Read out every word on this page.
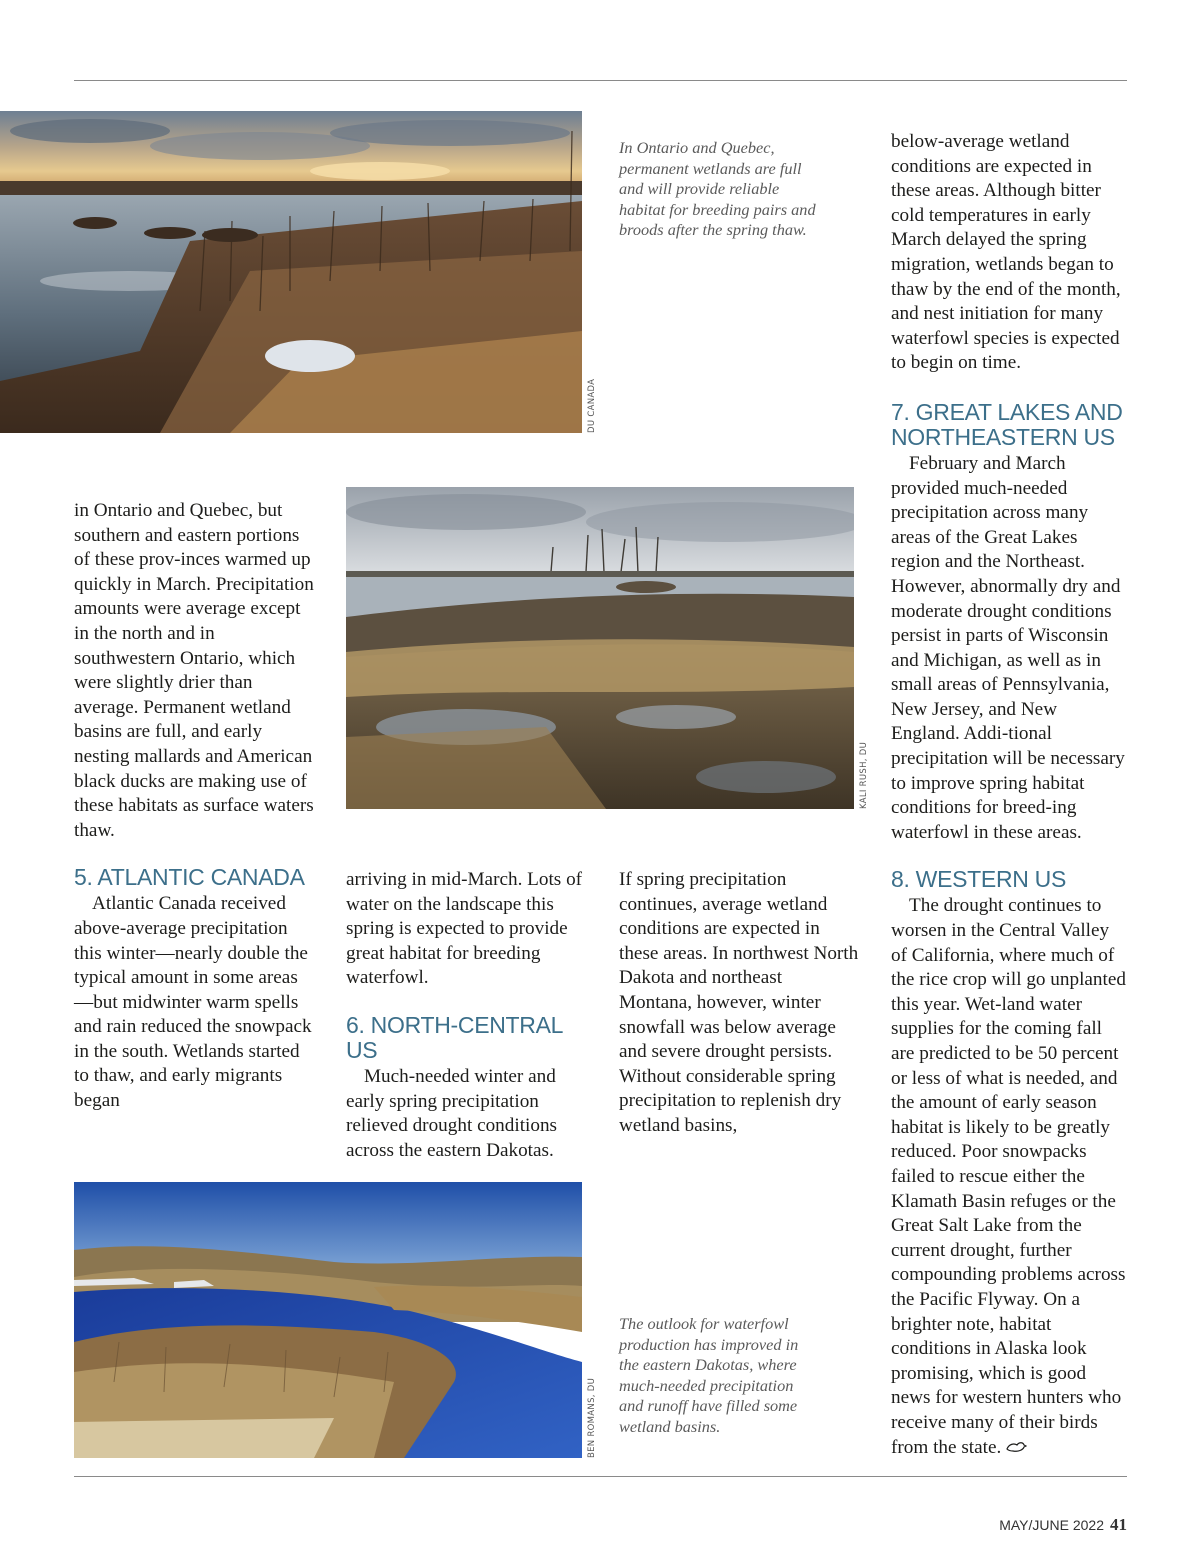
DU CANADA
In Ontario and Quebec, permanent wetlands are full and will provide reliable habitat for breeding pairs and broods after the spring thaw.
KALI RUSH, DU
BEN ROMANS, DU
The outlook for waterfowl production has improved in the eastern Dakotas, where much-needed precipitation and runoff have filled some wetland basins.

in Ontario and Quebec, but southern and eastern portions of these prov-inces warmed up quickly in March. Precipitation amounts were average except in the north and in southwestern Ontario, which were slightly drier than average. Permanent wetland basins are full, and early nesting mallards and American black ducks are making use of these habitats as surface waters thaw.

5. ATLANTIC CANADA

Atlantic Canada received above-average precipitation this winter—nearly double the typical amount in some areas—but midwinter warm spells and rain reduced the snowpack in the south. Wetlands started to thaw, and early migrants began

arriving in mid-March. Lots of water on the landscape this spring is expected to provide great habitat for breeding waterfowl.

6. NORTH-CENTRAL US

Much-needed winter and early spring precipitation relieved drought conditions across the eastern Dakotas.

If spring precipitation continues, average wetland conditions are expected in these areas. In northwest North Dakota and northeast Montana, however, winter snowfall was below average and severe drought persists. Without considerable spring precipitation to replenish dry wetland basins,

below-average wetland conditions are expected in these areas. Although bitter cold temperatures in early March delayed the spring migration, wetlands began to thaw by the end of the month, and nest initiation for many waterfowl species is expected to begin on time.

7. GREAT LAKES AND NORTHEASTERN US

February and March provided much-needed precipitation across many areas of the Great Lakes region and the Northeast. However, abnormally dry and moderate drought conditions persist in parts of Wisconsin and Michigan, as well as in small areas of Pennsylvania, New Jersey, and New England. Addi-tional precipitation will be necessary to improve spring habitat conditions for breed-ing waterfowl in these areas.

8. WESTERN US

The drought continues to worsen in the Central Valley of California, where much of the rice crop will go unplanted this year. Wet-land water supplies for the coming fall are predicted to be 50 percent or less of what is needed, and the amount of early season habitat is likely to be greatly reduced. Poor snowpacks failed to rescue either the Klamath Basin refuges or the Great Salt Lake from the current drought, further compounding problems across the Pacific Flyway. On a brighter note, habitat conditions in Alaska look promising, which is good news for western hunters who receive many of their birds from the state.

MAY/JUNE 2022 41
